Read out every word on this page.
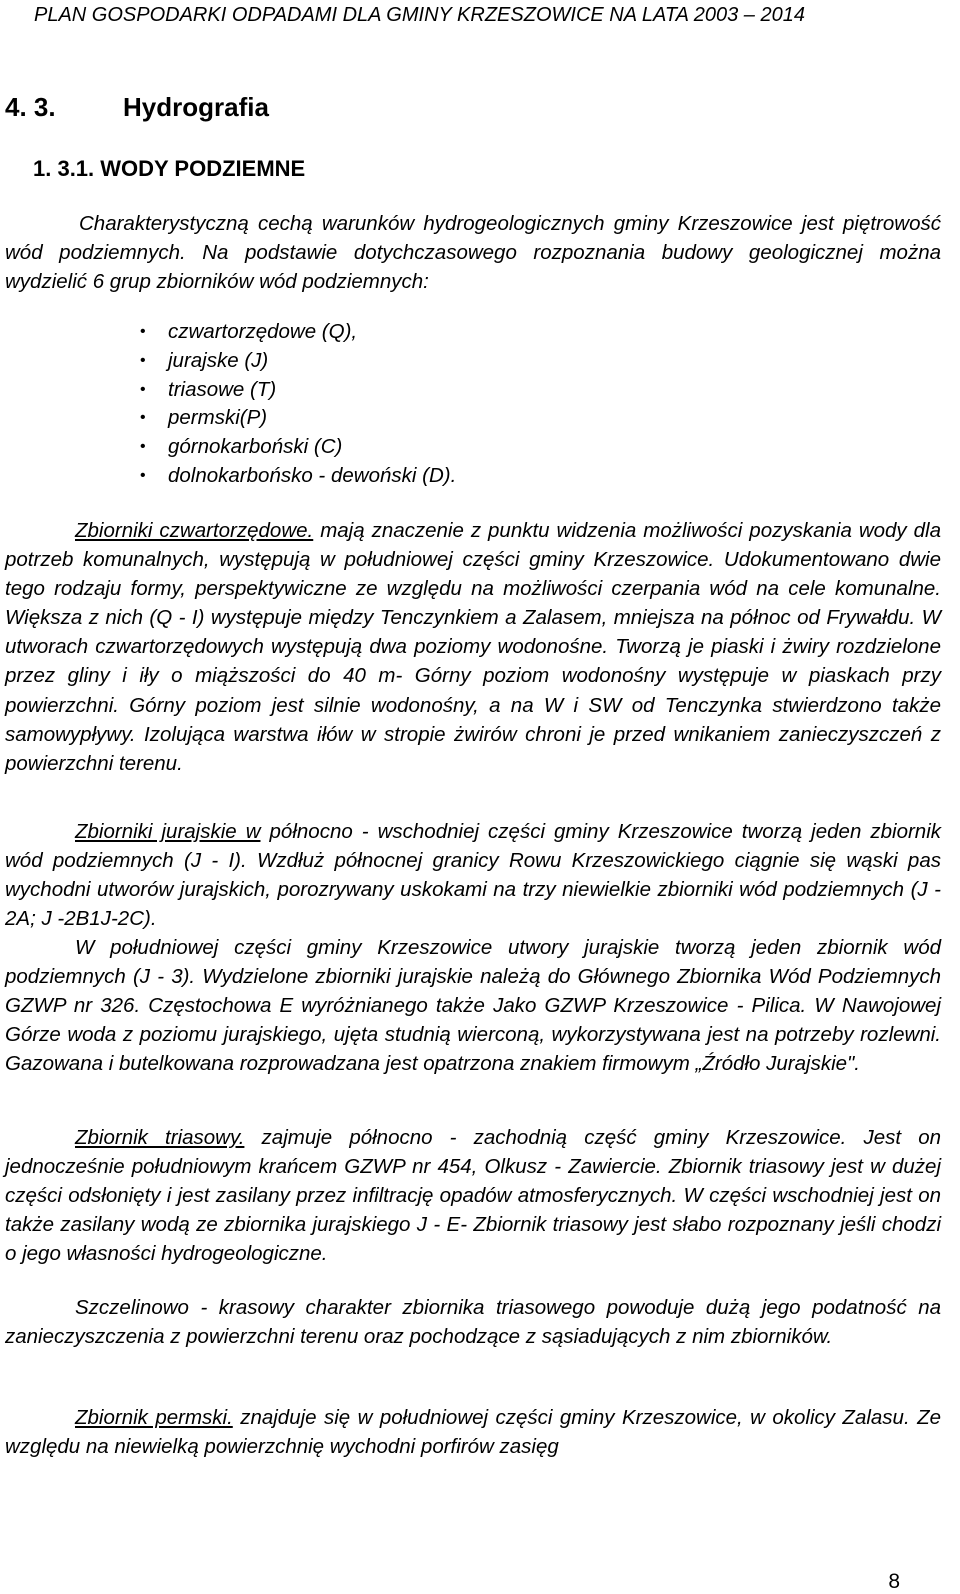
PLAN GOSPODARKI ODPADAMI DLA GMINY KRZESZOWICE NA LATA 2003 – 2014
4. 3.	Hydrografia
1. 3.1. WODY PODZIEMNE

Charakterystyczną cechą warunków hydrogeologicznych gminy Krzeszowice jest piętrowość wód podziemnych. Na podstawie dotychczasowego rozpoznania budowy geologicznej można wydzielić 6 grup zbiorników wód podziemnych:

• czwartorzędowe (Q),
• jurajske (J)
• triasowe (T)
• permski(P)
• górnokarboński (C)
• dolnokarbońsko - dewoński (D).

Zbiorniki czwartorzędowe. mają znaczenie z punktu widzenia możliwości pozyskania wody dla potrzeb komunalnych, występują w południowej części gminy Krzeszowice. Udokumentowano dwie tego rodzaju formy, perspektywiczne ze względu na możliwości czerpania wód na cele komunalne. Większa z nich (Q - I) występuje między Tenczynkiem a Zalasem, mniejsza na północ od Frywałdu. W utworach czwartorzędowych występują dwa poziomy wodonośne. Tworzą je piaski i żwiry rozdzielone przez gliny i iły o miąższości do 40 m- Górny poziom wodonośny występuje w piaskach przy powierzchni. Górny poziom jest silnie wodonośny, a na W i SW od Tenczynka stwierdzono także samowypływy. Izolująca warstwa iłów w stropie żwirów chroni je przed wnikaniem zanieczyszczeń z powierzchni terenu.

Zbiorniki jurajskie w północno - wschodniej części gminy Krzeszowice tworzą jeden zbiornik wód podziemnych (J - I). Wzdłuż północnej granicy Rowu Krzeszowickiego ciągnie się wąski pas wychodni utworów jurajskich, porozrywany uskokami na trzy niewielkie zbiorniki wód podziemnych (J - 2A; J -2B1J-2C).

W południowej części gminy Krzeszowice utwory jurajskie tworzą jeden zbiornik wód podziemnych (J - 3). Wydzielone zbiorniki jurajskie należą do Głównego Zbiornika Wód Podziemnych GZWP nr 326. Częstochowa E wyróżnianego także Jako GZWP Krzeszowice - Pilica. W Nawojowej Górze woda z poziomu jurajskiego, ujęta studnią wierconą, wykorzystywana jest na potrzeby rozlewni. Gazowana i butelkowana rozprowadzana jest opatrzona znakiem firmowym „Źródło Jurajskie".

Zbiornik triasowy. zajmuje północno - zachodnią część gminy Krzeszowice. Jest on jednocześnie południowym krańcem GZWP nr 454, Olkusz - Zawiercie. Zbiornik triasowy jest w dużej części odsłonięty i jest zasilany przez infiltrację opadów atmosferycznych. W części wschodniej jest on także zasilany wodą ze zbiornika jurajskiego J - E- Zbiornik triasowy jest słabo rozpoznany jeśli chodzi o jego własności hydrogeologiczne.

Szczelinowo - krasowy charakter zbiornika triasowego powoduje dużą jego podatność na zanieczyszczenia z powierzchni terenu oraz pochodzące z sąsiadujących z nim zbiorników.

Zbiornik permski. znajduje się w południowej części gminy Krzeszowice, w okolicy Zalasu. Ze względu na niewielką powierzchnię wychodni porfirów zasięg

8
